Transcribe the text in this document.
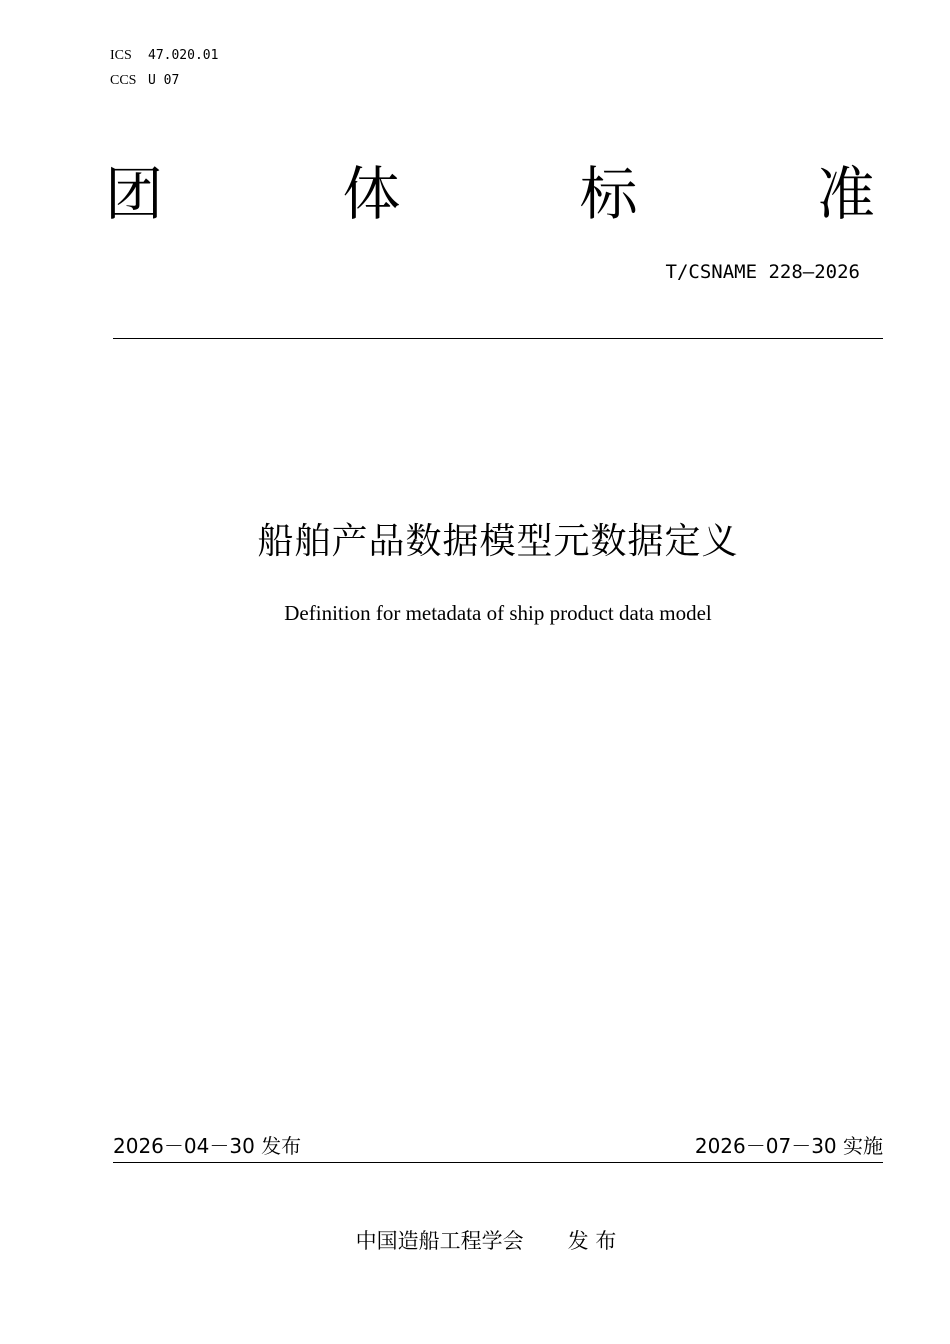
ICS 47.020.01

CCS U 07

团	体	标	准

T/CSNAME 228—2026

船舶产品数据模型元数据定义

Definition for metadata of ship product data model

2026－04－30 发布	2026－07－30 实施

中国造船工程学会 发 布
